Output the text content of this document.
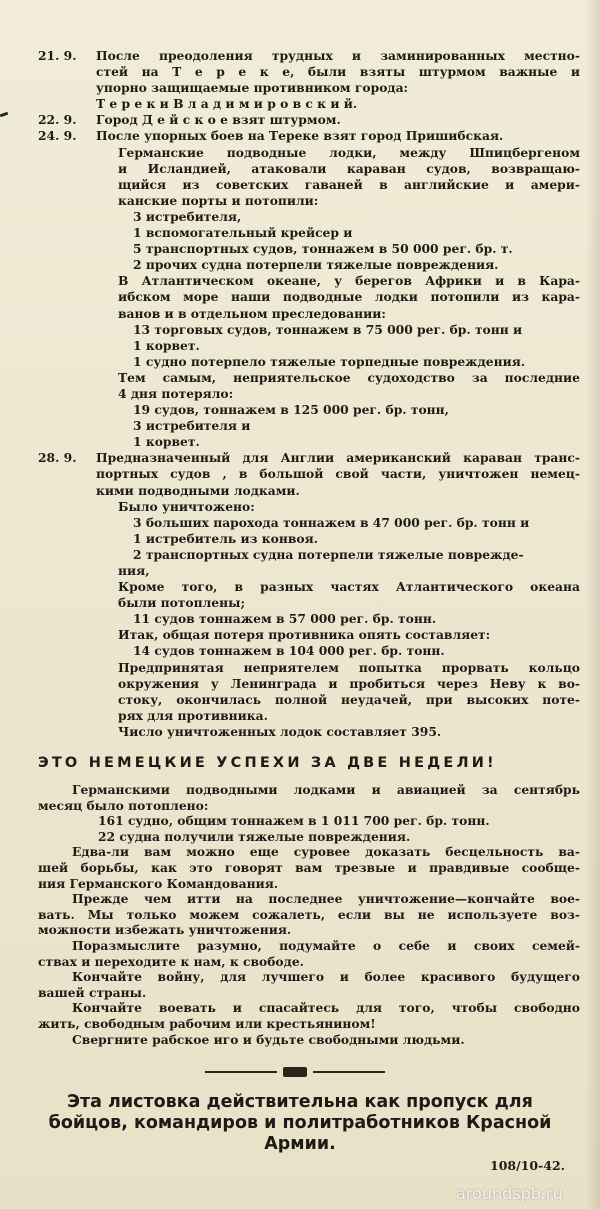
21. 9. После преодоления трудных и заминированных местно-
стей на Т е р е к е, были взяты штурмом важные и
упорно защищаемые противником города:
Т е р е к и В л а д и м и р о в с к и й.
22. 9. Город Д е й с к о е взят штурмом.
24. 9. После упорных боев на Тереке взят город Пришибская.
Германские подводные лодки, между Шпицбергеном
и Исландией, атаковали караван судов, возвращаю-
щийся из советских гаваней в английские и амери-
канские порты и потопили:
3 истребителя,
1 вспомогательный крейсер и
5 транспортных судов, тоннажем в 50 000 рег. бр. т.
2 прочих судна потерпели тяжелые повреждения.
В Атлантическом океане, у берегов Африки и в Кара-
ибском море наши подводные лодки потопили из кара-
ванов и в отдельном преследовании:
13 торговых судов, тоннажем в 75 000 рег. бр. тонн и
1 корвет.
1 судно потерпело тяжелые торпедные повреждения.
Тем самым, неприятельское судоходство за последние
4 дня потеряло:
19 судов, тоннажем в 125 000 рег. бр. тонн,
3 истребителя и
1 корвет.
28. 9. Предназначенный для Англии американский караван транс-
портных судов , в большой свой части, уничтожен немец-
кими подводными лодками.
Было уничтожено:
3 больших парохода тоннажем в 47 000 рег. бр. тонн и
1 истребитель из конвоя.
2 транспортных судна потерпели тяжелые поврежде-
ния,
Кроме того, в разных частях Атлантического океана
были потоплены;
11 судов тоннажем в 57 000 рег. бр. тонн.
Итак, общая потеря противника опять составляет:
14 судов тоннажем в 104 000 рег. бр. тонн.
Предпринятая неприятелем попытка прорвать кольцо
окружения у Ленинграда и пробиться через Неву к во-
стоку, окончилась полной неудачей, при высоких потe-
рях для противника.
Число уничтоженных лодок составляет 395.
ЭТО НЕМЕЦКИЕ УСПЕХИ ЗА ДВЕ НЕДЕЛИ!
Германскими подводными лодками и авиацией за сентябрь
месяц было потоплено:
161 судно, общим тоннажем в 1 011 700 рег. бр. тонн.
22 судна получили тяжелые повреждения.
Едва-ли вам можно еще суровее доказать бесцельность ва-
шей борьбы, как это говорят вам трезвые и правдивые сообще-
ния Германского Командования.
Прежде чем итти на последнее уничтожение—кончайте вое-
вать. Мы только можем сожалеть, если вы не используете воз-
можности избежать уничтожения.
Поразмыслите разумно, подумайте о себе и своих семей-
ствах и переходите к нам, к свободе.
Кончайте войну, для лучшего и более красивого будущего
вашей страны.
Кончайте воевать и спасайтесь для того, чтобы свободно
жить, свободным рабочим или крестьянином!
Свергните рабское иго и будьте свободными людьми.
Эта листовка действительна как пропуск для бойцов, командиров и политработников Красной Армии.
108/10-42.
aroundspb.ru
